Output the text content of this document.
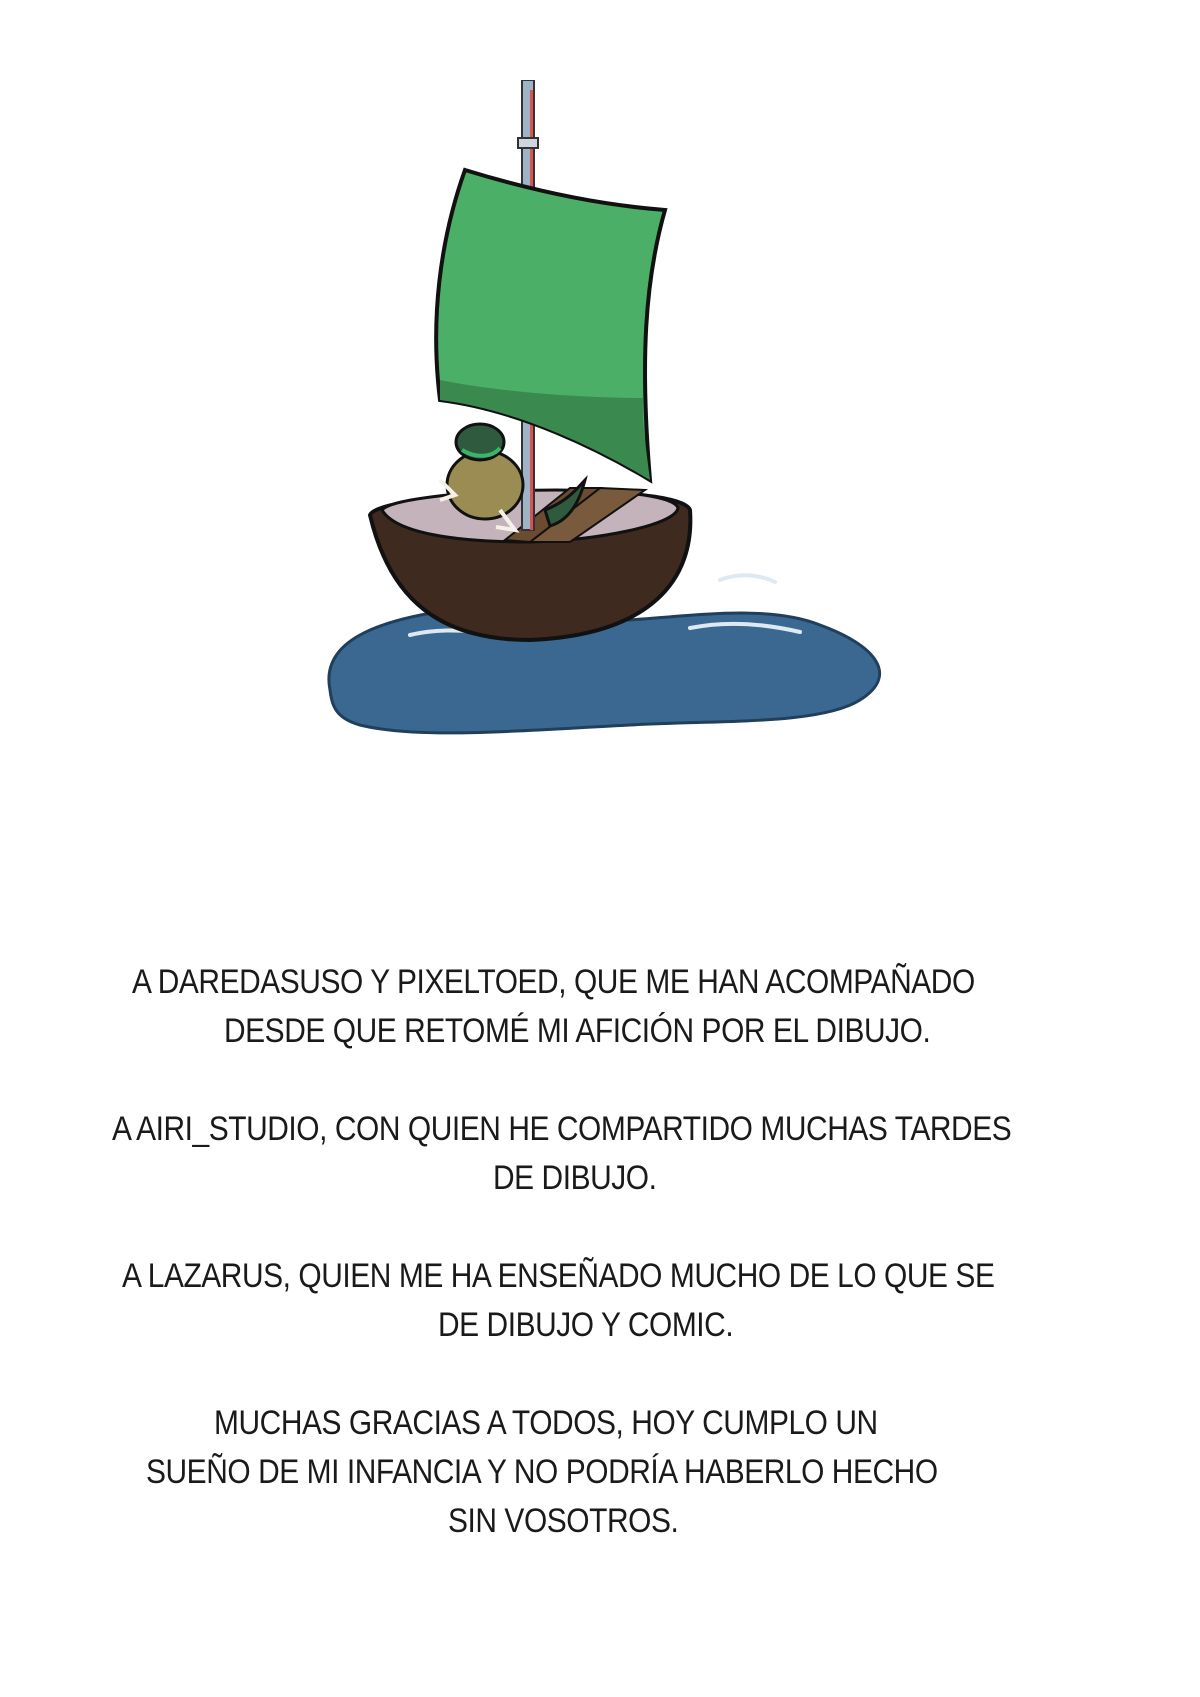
A DAREDASUSO Y PIXELTOED, QUE ME HAN ACOMPAÑADO
DESDE QUE RETOMÉ MI AFICIÓN POR EL DIBUJO.
A AIRI_STUDIO, CON QUIEN HE COMPARTIDO MUCHAS TARDES
DE DIBUJO.
A LAZARUS, QUIEN ME HA ENSEÑADO MUCHO DE LO QUE SE
DE DIBUJO Y COMIC.
MUCHAS GRACIAS A TODOS, HOY CUMPLO UN
SUEÑO DE MI INFANCIA Y NO PODRÍA HABERLO HECHO
SIN VOSOTROS.
